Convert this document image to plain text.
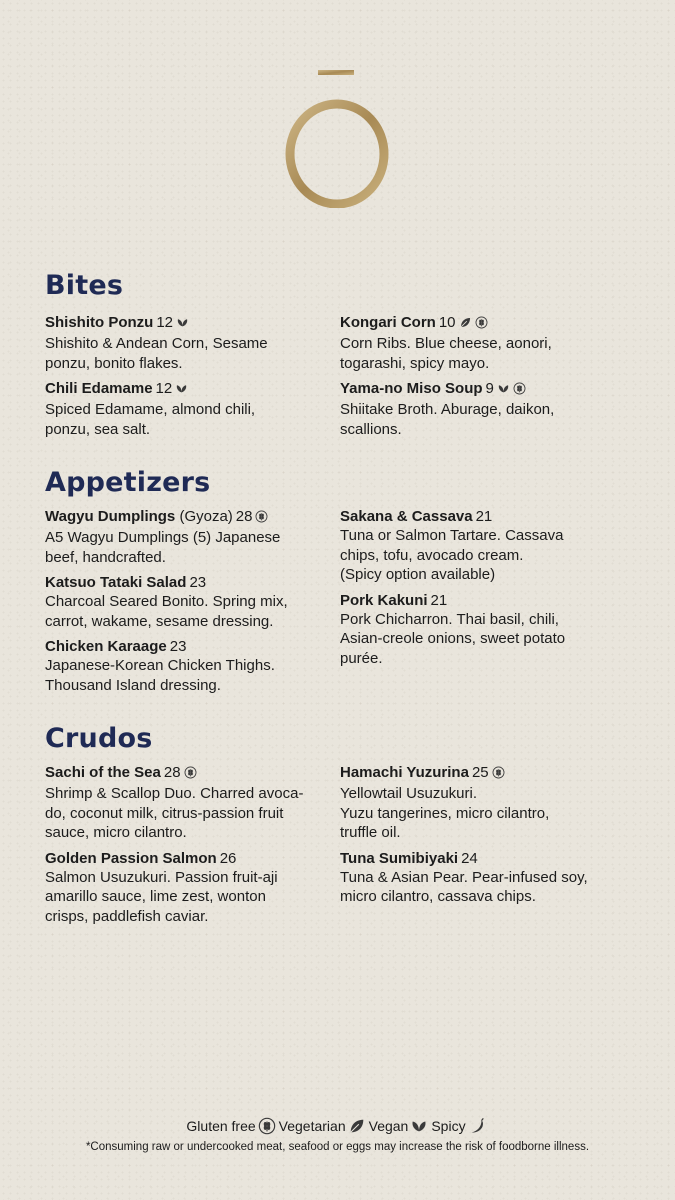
Bites
Shishito Ponzu 12
Shishito & Andean Corn, Sesame
ponzu, bonito flakes.
Chili Edamame 12
Spiced Edamame, almond chili,
ponzu, sea salt.
Kongari Corn 10
Corn Ribs. Blue cheese, aonori,
togarashi, spicy mayo.
Yama-no Miso Soup 9
Shiitake Broth. Aburage, daikon,
scallions.
Appetizers
Wagyu Dumplings (Gyoza) 28
A5 Wagyu Dumplings (5) Japanese
beef, handcrafted.
Katsuo Tataki Salad 23
Charcoal Seared Bonito. Spring mix,
carrot, wakame, sesame dressing.
Chicken Karaage 23
Japanese-Korean Chicken Thighs.
Thousand Island dressing.
Sakana & Cassava 21
Tuna or Salmon Tartare. Cassava
chips, tofu, avocado cream.
(Spicy option available)
Pork Kakuni 21
Pork Chicharron. Thai basil, chili,
Asian-creole onions, sweet potato
purée.
Crudos
Sachi of the Sea 28
Shrimp & Scallop Duo. Charred avoca-
do, coconut milk, citrus-passion fruit
sauce, micro cilantro.
Golden Passion Salmon 26
Salmon Usuzukuri. Passion fruit-aji
amarillo sauce, lime zest, wonton
crisps, paddlefish caviar.
Hamachi Yuzurina 25
Yellowtail Usuzukuri.
Yuzu tangerines, micro cilantro,
truffle oil.
Tuna Sumibiyaki 24
Tuna & Asian Pear. Pear-infused soy,
micro cilantro, cassava chips.
Gluten free Vegetarian Vegan Spicy
*Consuming raw or undercooked meat, seafood or eggs may increase the risk of foodborne illness.
